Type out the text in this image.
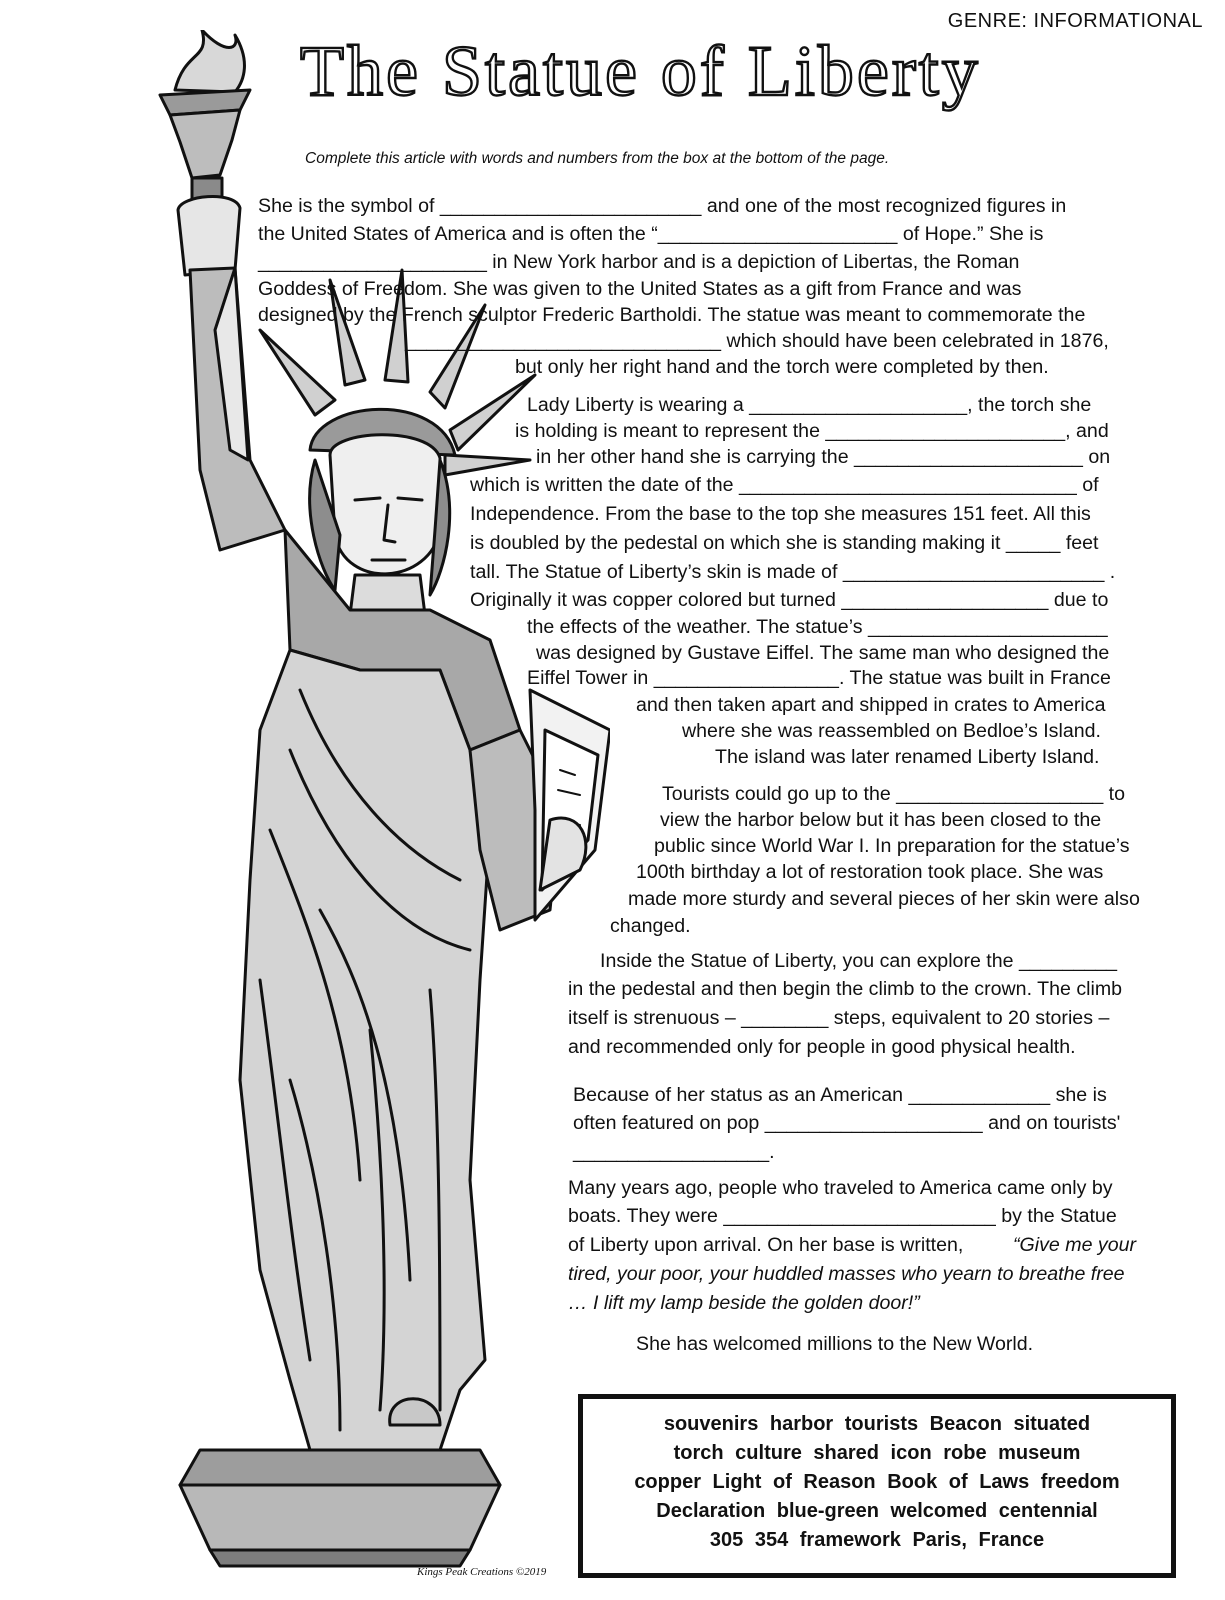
GENRE: INFORMATIONAL
The Statue of Liberty
Complete this article with words and numbers from the box at the bottom of the page.
She is the symbol of ________________________ and one of the most recognized figures in
the United States of America and is often the “______________________ of Hope.” She is
_____________________ in New York harbor and is a depiction of Libertas, the Roman
Goddess of Freedom. She was given to the United States as a gift from France and was
designed by the French sculptor Frederic Bartholdi. The statue was meant to commemorate the
_____________________________ which should have been celebrated in 1876,
but only her right hand and the torch were completed by then.
Lady Liberty is wearing a ____________________, the torch she
is holding is meant to represent the ______________________, and
in her other hand she is carrying the _____________________ on
which is written the date of the _______________________________ of
Independence. From the base to the top she measures 151 feet. All this
is doubled by the pedestal on which she is standing making it _____ feet
tall. The Statue of Liberty’s skin is made of ________________________ .
Originally it was copper colored but turned ___________________ due to
the effects of the weather. The statue’s ______________________
was designed by Gustave Eiffel. The same man who designed the
Eiffel Tower in _________________. The statue was built in France
and then taken apart and shipped in crates to America
where she was reassembled on Bedloe’s Island.
The island was later renamed Liberty Island.
Tourists could go up to the ___________________ to
view the harbor below but it has been closed to the
public since World War I. In preparation for the statue’s
100th birthday a lot of restoration took place. She was
made more sturdy and several pieces of her skin were also
changed.
Inside the Statue of Liberty, you can explore the _________
in the pedestal and then begin the climb to the crown. The climb
itself is strenuous – ________ steps, equivalent to 20 stories –
and recommended only for people in good physical health.
Because of her status as an American _____________ she is
often featured on pop ____________________ and on tourists'
__________________.
Many years ago, people who traveled to America came only by
boats. They were _________________________ by the Statue
of Liberty upon arrival. On her base is written,	“Give me your
tired, your poor, your huddled masses who yearn to breathe free
… I lift my lamp beside the golden door!”
She has welcomed millions to the New World.
souvenirs harbor tourists Beacon situated
torch culture shared icon robe museum
copper Light of Reason Book of Laws freedom
Declaration blue-green welcomed centennial
305 354 framework Paris, France
Kings Peak Creations ©2019
